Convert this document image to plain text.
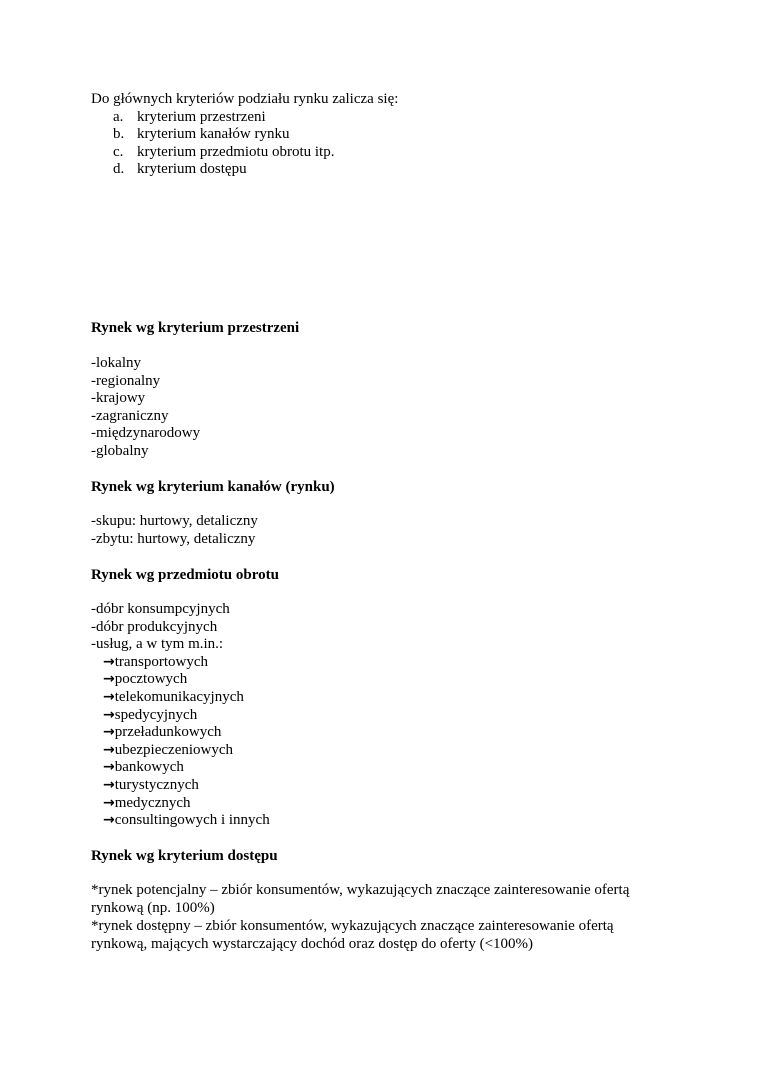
Do głównych kryteriów podziału rynku zalicza się:
a. kryterium przestrzeni
b. kryterium kanałów rynku
c. kryterium przedmiotu obrotu itp.
d. kryterium dostępu
Rynek wg kryterium przestrzeni
-lokalny
-regionalny
-krajowy
-zagraniczny
-międzynarodowy
-globalny
Rynek wg kryterium kanałów (rynku)
-skupu: hurtowy, detaliczny
-zbytu: hurtowy, detaliczny
Rynek wg przedmiotu obrotu
-dóbr konsumpcyjnych
-dóbr produkcyjnych
-usług, a w tym m.in.:
→ transportowych
→ pocztowych
→ telekomunikacyjnych
→ spedycyjnych
→ przeładunkowych
→ ubezpieczeniowych
→ bankowych
→ turystycznych
→ medycznych
→ consultingowych i innych
Rynek wg kryterium dostępu
*rynek potencjalny – zbiór konsumentów, wykazujących znaczące zainteresowanie ofertą
rynkową (np. 100%)
*rynek dostępny – zbiór konsumentów, wykazujących znaczące zainteresowanie ofertą
rynkową, mających wystarczający dochód oraz dostęp do oferty (<100%)
